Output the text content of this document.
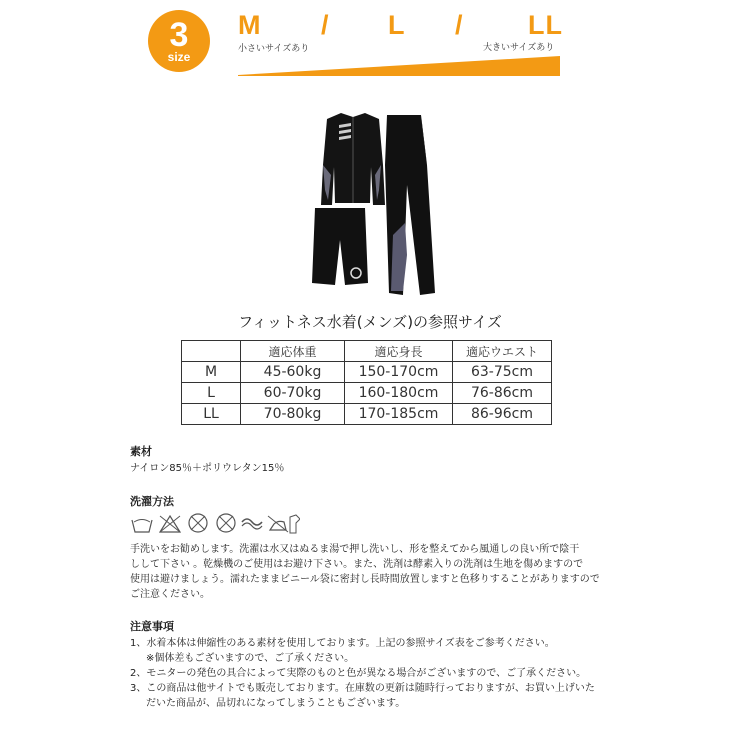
3
size
M / L / LL
小さいサイズあり	大きいサイズあり
フィットネス水着(メンズ)の参照サイズ
	適応体重	適応身長	適応ウエスト
M	45-60kg	150-170cm	63-75cm
L	60-70kg	160-180cm	76-86cm
LL	70-80kg	170-185cm	86-96cm
素材
ナイロン85％＋ポリウレタン15％
洗濯方法
手洗いをお勧めします。洗濯は水又はぬるま湯で押し洗いし、形を整えてから風通しの良い所で陰干
しして下さい 。乾燥機のご使用はお避け下さい。また、洗剤は酵素入りの洗剤は生地を傷めますので
使用は避けましょう。濡れたままビニール袋に密封し長時間放置しますと色移りすることがありますので
ご注意ください。
注意事項
1、水着本体は伸縮性のある素材を使用しております。上記の参照サイズ表をご参考ください。
※個体差もございますので、ご了承ください。
2、モニターの発色の具合によって実際のものと色が異なる場合がございますので、ご了承ください。
3、この商品は他サイトでも販売しております。在庫数の更新は随時行っておりますが、お買い上げいた
だいた商品が、品切れになってしまうこともございます。
